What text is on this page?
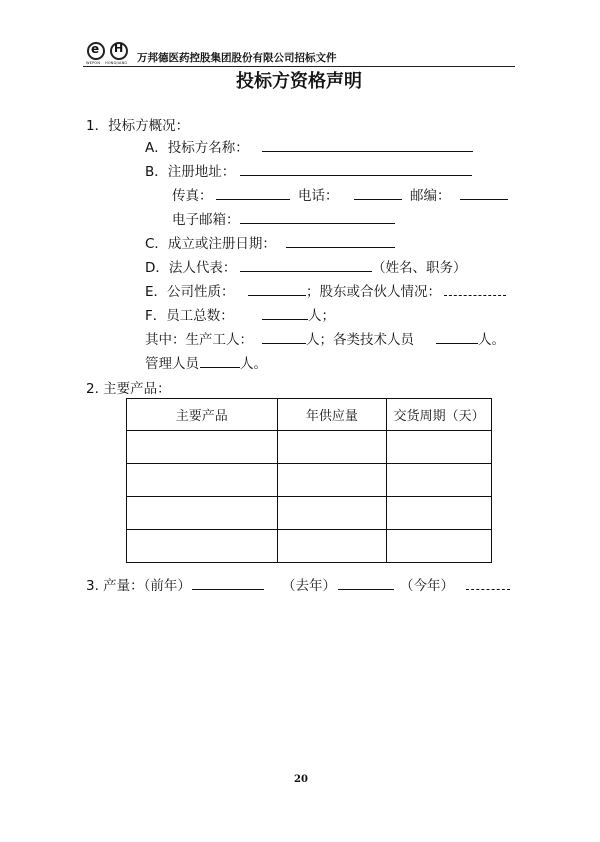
e
WEPON
H
HONGJIANG 万邦德医药控股集团股份有限公司招标文件
投标方资格声明
1．投标方概况：
A．投标方名称：
B．注册地址：
传真：	电话：	邮编：
电子邮箱：
C．成立或注册日期：
D．法人代表：	（姓名、职务）
E．公司性质：	；股东或合伙人情况：
F．员工总数：	人；
其中：生产工人：	人；各类技术人员	人。
管理人员	人。
2. 主要产品：
主要产品	年供应量	交货周期（天）

3. 产量：（前年）	（去年）	（今年）
20
